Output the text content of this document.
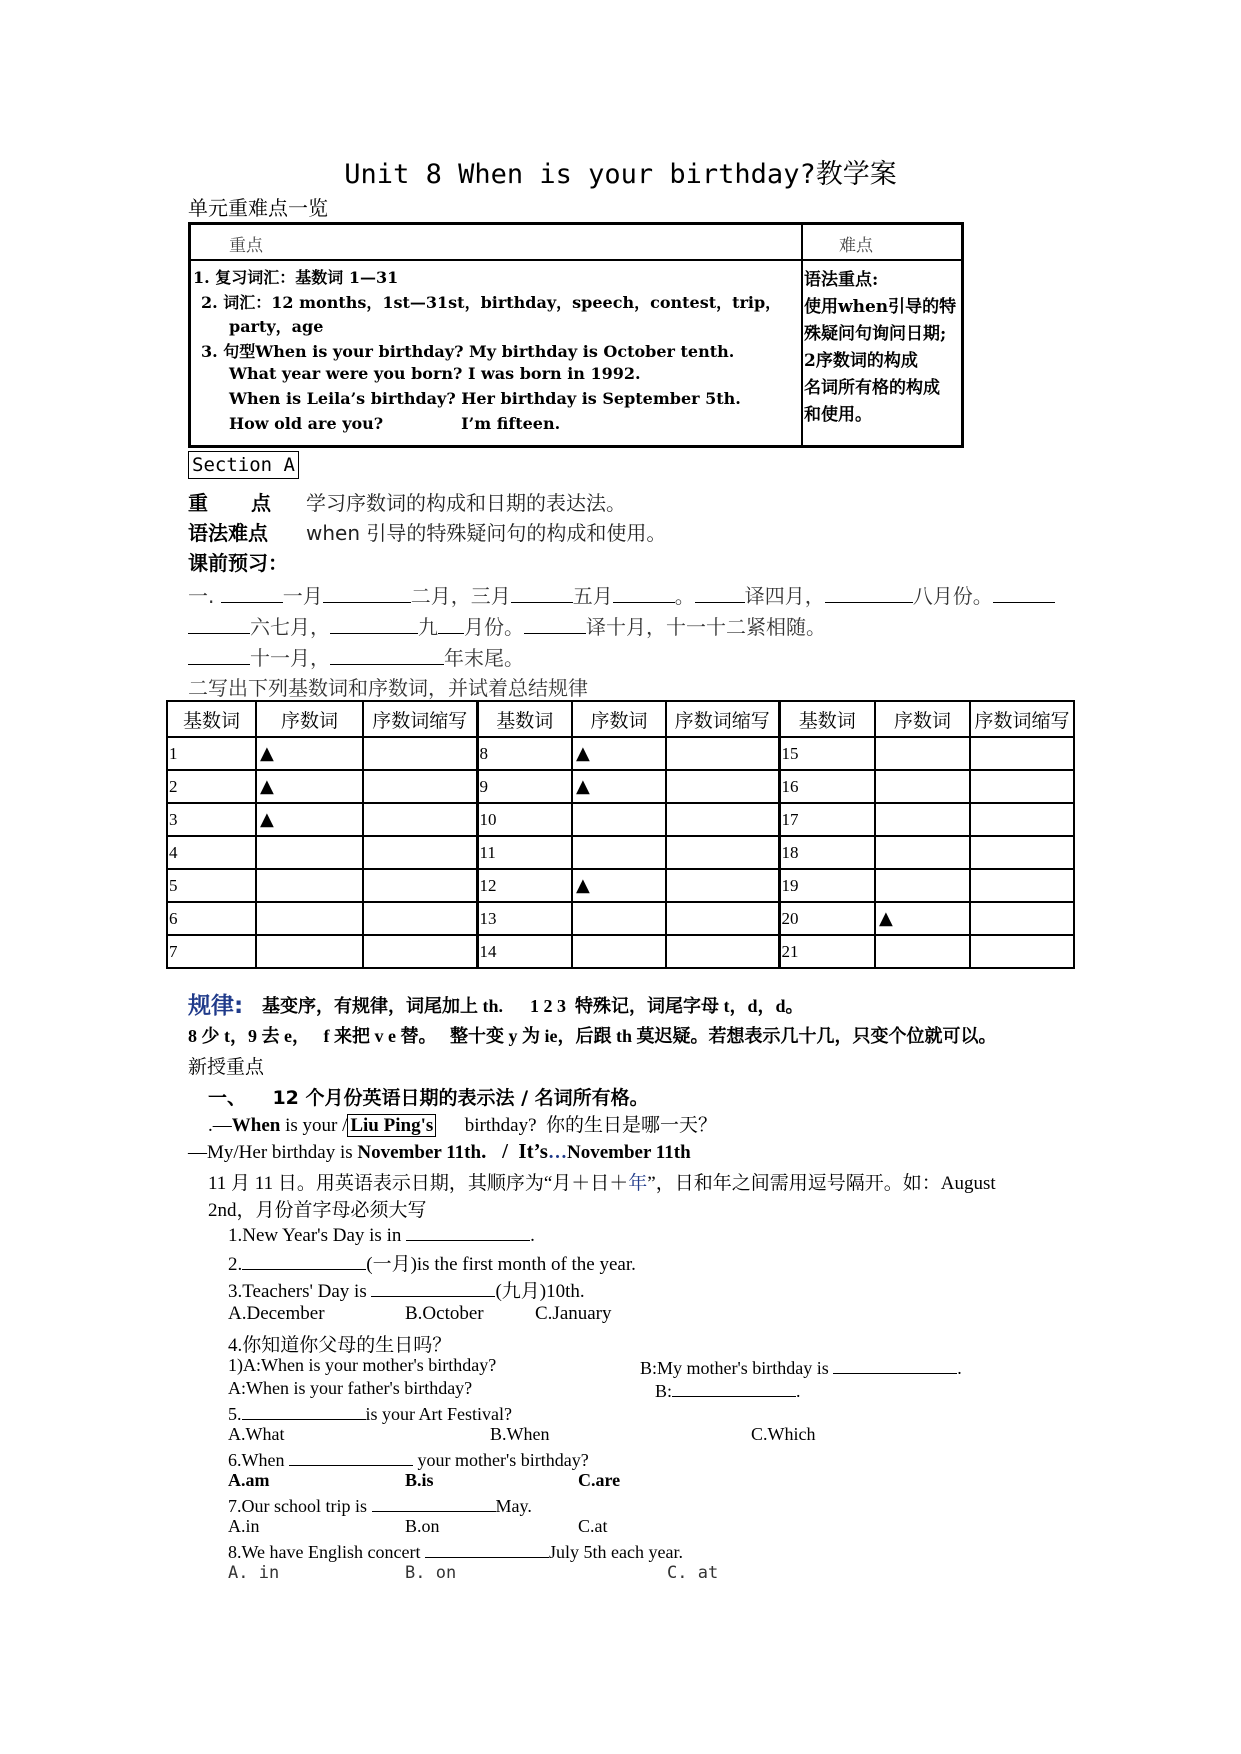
Unit 8 When is your birthday?教学案
单元重难点一览
重点	难点
1. 复习词汇：基数词 1—31
2. 词汇：12 months，1st—31st，birthday，speech，contest，trip，
party，age
3. 句型When is your birthday? My birthday is October tenth.
What year were you born? I was born in 1992.
When is Leila’s birthday? Her birthday is September 5th.
How old are you?              I’m fifteen.
语法重点:
使用when引导的特
殊疑问句询问日期;
2序数词的构成
名词所有格的构成
和使用。
Section A
重 点 学习序数词的构成和日期的表达法。
语法难点 when 引导的特殊疑问句的构成和使用。
课前预习：
一.	一月	二月，三月	五月	。	译四月，	八月份。
六七月，	九 月份。	译十月，十一十二紧相随。
十一月，	年末尾。
二写出下列基数词和序数词，并试着总结规律
基数词	序数词	序数词缩写	基数词	序数词	序数词缩写	基数词	序数词	序数词缩写
1	▲		8	▲		15		
2	▲		9	▲		16		
3	▲		10			17		
4			11			18		
5			12	▲		19		
6			13			20	▲	
7			14			21		
规律: 基变序，有规律，词尾加上 th.      1 2 3  特殊记，词尾字母 t，d，d。
8 少 t，9 去 e，   f 来把 v e 替。   整十变 y 为 ie，后跟 th 莫迟疑。若想表示几十几，只变个位就可以。
新授重点
一、    12 个月份英语日期的表示法 / 名词所有格。
.—When is your / Liu Ping's      birthday?  你的生日是哪一天？
—My/Her birthday is November 11th.   /  It’s…November 11th
11 月 11 日。用英语表示日期，其顺序为“月＋日＋年”，日和年之间需用逗号隔开。如：August
2nd，月份首字母必须大写
1.New Year's Day is in	.
2.	(一月)is the first month of the year.
3.Teachers' Day is	(九月)10th.
A.December	B.October	C.January
4.你知道你父母的生日吗？
1)A:When is your mother's birthday?	B:My mother's birthday is	.
A:When is your father's birthday?	B:	.
5.	is your Art Festival?
A.What	B.When	C.Which
6.When	your mother's birthday?
A.am	B.is	C.are
7.Our school trip is	May.
A.in	B.on	C.at
8.We have English concert	July 5th each year.
A. in	B. on	C. at
